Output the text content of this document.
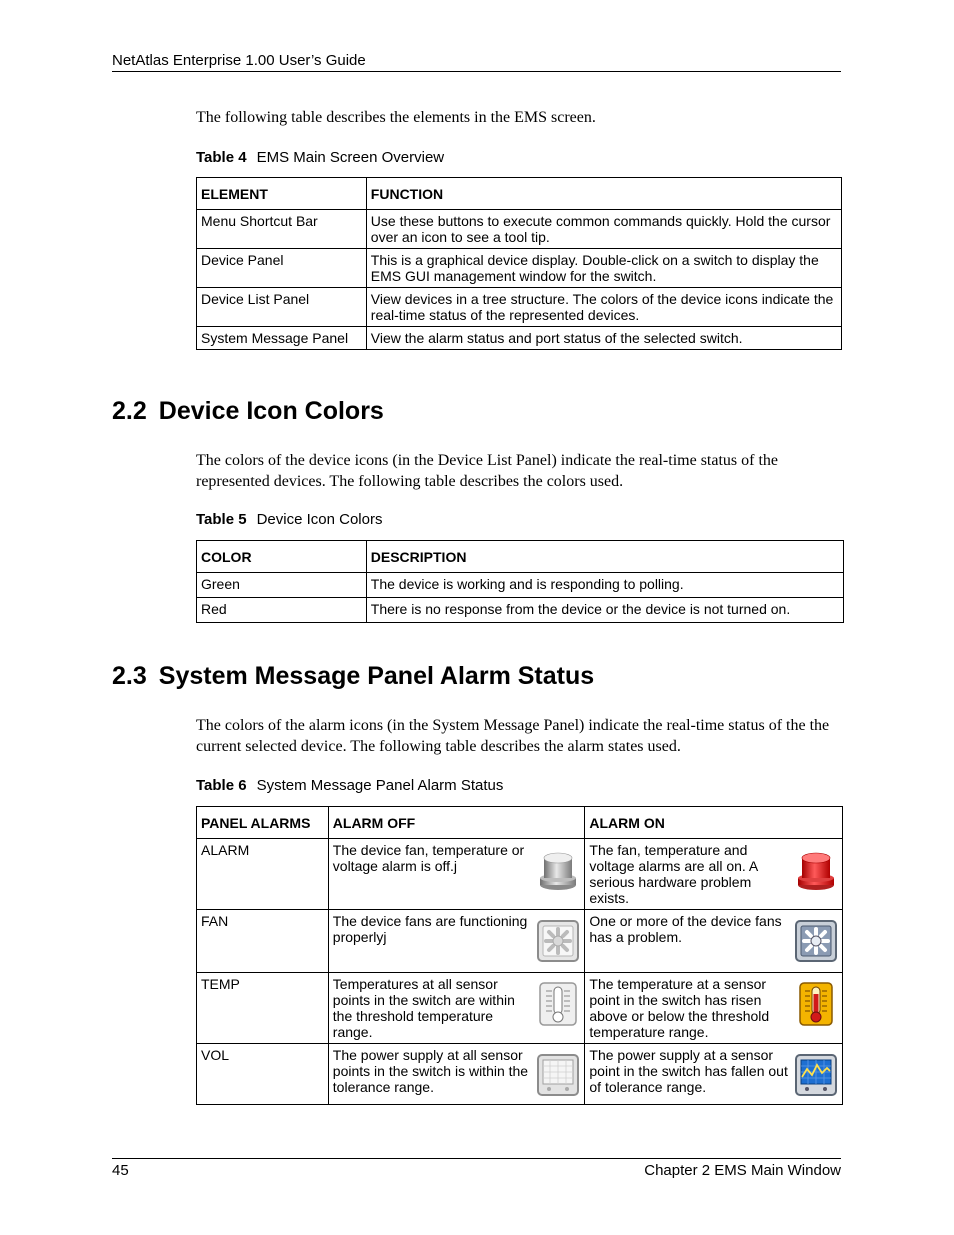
NetAtlas Enterprise 1.00 User’s Guide

The following table describes the elements in the EMS screen.

Table 4 EMS Main Screen Overview
ELEMENT	FUNCTION
Menu Shortcut Bar	Use these buttons to execute common commands quickly. Hold the cursor over an icon to see a tool tip.
Device Panel	This is a graphical device display. Double-click on a switch to display the EMS GUI management window for the switch.
Device List Panel	View devices in a tree structure. The colors of the device icons indicate the real-time status of the represented devices.
System Message Panel	View the alarm status and port status of the selected switch.
2.2 Device Icon Colors

The colors of the device icons (in the Device List Panel) indicate the real-time status of the represented devices. The following table describes the colors used.

Table 5 Device Icon Colors
COLOR	DESCRIPTION
Green	The device is working and is responding to polling.
Red	There is no response from the device or the device is not turned on.
2.3 System Message Panel Alarm Status

The colors of the alarm icons (in the System Message Panel) indicate the real-time status of the the current selected device. The following table describes the alarm states used.

Table 6 System Message Panel Alarm Status
PANEL ALARMS	ALARM OFF	ALARM ON
ALARM	The device fan, temperature or voltage alarm is off.j	The fan, temperature and voltage alarms are all on. A serious hardware problem exists.

FAN	The device fans are functioning properlyj	One or more of the device fans has a problem.

TEMP	Temperatures at all sensor points in the switch are within the threshold temperature range.	The temperature at a sensor point in the switch has risen above or below the threshold temperature range.

VOL	The power supply at all sensor points in the switch is within the tolerance range.	The power supply at a sensor point in the switch has fallen out of tolerance range.
45	Chapter 2 EMS Main Window
